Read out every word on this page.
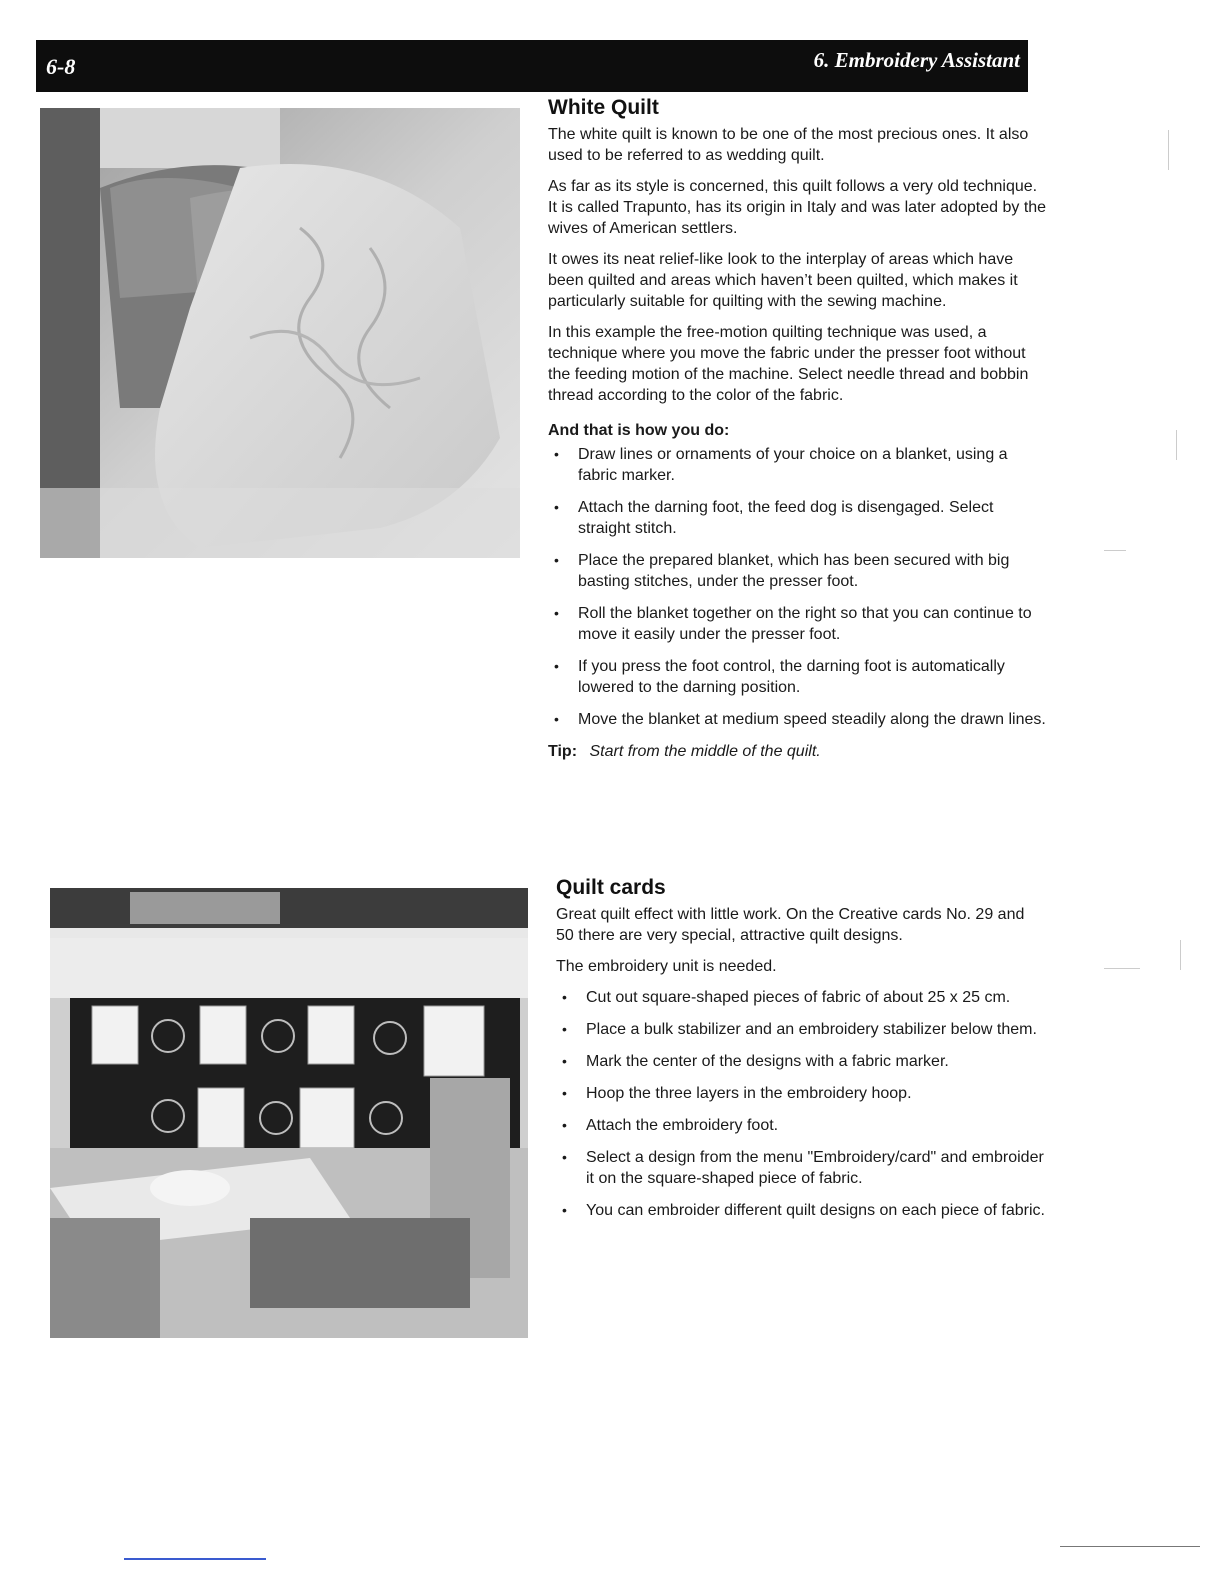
6-8	6. Embroidery Assistant
White Quilt

The white quilt is known to be one of the most precious ones. It also used to be referred to as wedding quilt.

As far as its style is concerned, this quilt follows a very old technique. It is called Trapunto, has its origin in Italy and was later adopted by the wives of American settlers.

It owes its neat relief-like look to the interplay of areas which have been quilted and areas which haven’t been quilted, which makes it particularly suitable for quilting with the sewing machine.

In this example the free-motion quilting technique was used, a technique where you move the fabric under the presser foot without the feeding motion of the machine. Select needle thread and bobbin thread according to the color of the fabric.

And that is how you do:
• Draw lines or ornaments of your choice on a blanket, using a fabric marker.
• Attach the darning foot, the feed dog is disengaged. Select straight stitch.
• Place the prepared blanket, which has been secured with big basting stitches, under the presser foot.
• Roll the blanket together on the right so that you can continue to move it easily under the presser foot.
• If you press the foot control, the darning foot is automatically lowered to the darning position.
• Move the blanket at medium speed steadily along the drawn lines.
Tip: Start from the middle of the quilt.
Quilt cards

Great quilt effect with little work. On the Creative cards No. 29 and 50 there are very special, attractive quilt designs.

The embroidery unit is needed.

• Cut out square-shaped pieces of fabric of about 25 x 25 cm.
• Place a bulk stabilizer and an embroidery stabilizer below them.
• Mark the center of the designs with a fabric marker.
• Hoop the three layers in the embroidery hoop.
• Attach the embroidery foot.
• Select a design from the menu "Embroidery/card" and embroider it on the square-shaped piece of fabric.
• You can embroider different quilt designs on each piece of fabric.
